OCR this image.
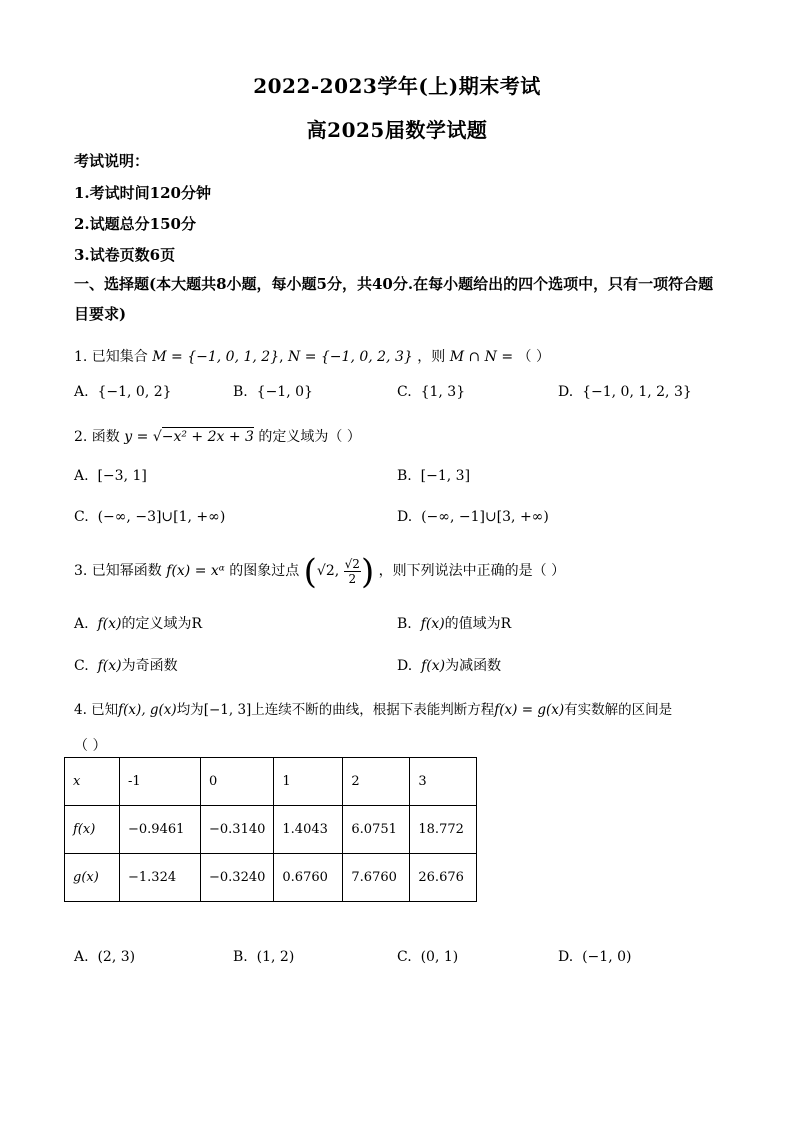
2022-2023学年(上)期末考试
高2025届数学试题
考试说明：
1.考试时间120分钟
2.试题总分150分
3.试卷页数6页
一、选择题(本大题共8小题，每小题5分，共40分.在每小题给出的四个选项中，只有一项符合题目要求)
1. 已知集合 M = {−1, 0, 1, 2}, N = {−1, 0, 2, 3} ，则 M ∩ N = （ ）
A. {−1, 0, 2}	B. {−1, 0}	C. {1, 3}	D. {−1, 0, 1, 2, 3}
2. 函数 y = √−x² + 2x + 3 的定义域为（ ）
A. [−3, 1]	B. [−1, 3]
C. (−∞, −3]∪[1, +∞)	D. (−∞, −1]∪[3, +∞)
3. 已知幂函数 f(x) = xᵅ 的图象过点 (√2, $\frac{√2}{2}$ ) ，则下列说法中正确的是（ ）
A. f(x)的定义域为R	B. f(x)的值域为R
C. f(x)为奇函数	D. f(x)为减函数
4. 已知f(x), g(x)均为[−1, 3]上连续不断的曲线，根据下表能判断方程f(x) = g(x)有实数解的区间是
（ ）
x	-1	0	1	2	3
f(x)	−0.9461	−0.3140	1.4043	6.0751	18.772
g(x)	−1.324	−0.3240	0.6760	7.6760	26.676
A. (2, 3)	B. (1, 2)	C. (0, 1)	D. (−1, 0)
